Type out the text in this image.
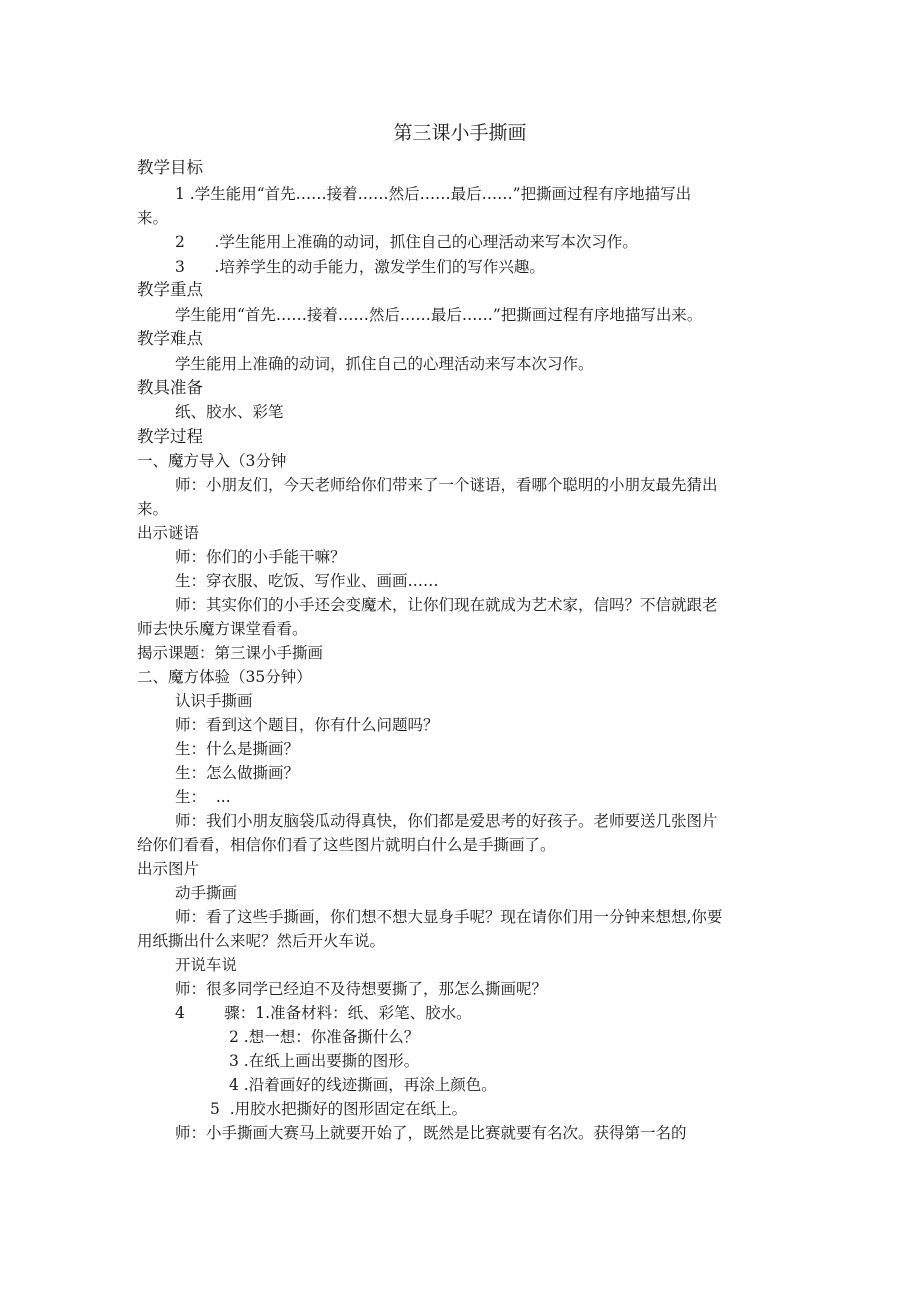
第三课小手撕画
教学目标
1 .学生能用“首先……接着……然后……最后……”把撕画过程有序地描写出
来。
2      .学生能用上准确的动词，抓住自己的心理活动来写本次习作。
3      .培养学生的动手能力，激发学生们的写作兴趣。
教学重点
学生能用“首先……接着……然后……最后……”把撕画过程有序地描写出来。
教学难点
学生能用上准确的动词，抓住自己的心理活动来写本次习作。
教具准备
纸、胶水、彩笔
教学过程
一、魔方导入（3分钟
师：小朋友们，今天老师给你们带来了一个谜语，看哪个聪明的小朋友最先猜出
来。
出示谜语
师：你们的小手能干嘛？
生：穿衣服、吃饭、写作业、画画……
师：其实你们的小手还会变魔术，让你们现在就成为艺术家，信吗？不信就跟老
师去快乐魔方课堂看看。
揭示课题：第三课小手撕画
二、魔方体验（35分钟）
认识手撕画
师：看到这个题目，你有什么问题吗？
生：什么是撕画？
生：怎么做撕画？
生：  ...
师：我们小朋友脑袋瓜动得真快，你们都是爱思考的好孩子。老师要送几张图片
给你们看看，相信你们看了这些图片就明白什么是手撕画了。
出示图片
动手撕画
师：看了这些手撕画，你们想不想大显身手呢？现在请你们用一分钟来想想,你要
用纸撕出什么来呢？然后开火车说。
开说车说
师：很多同学已经迫不及待想要撕了，那怎么撕画呢？
4        骤：1.准备材料：纸、彩笔、胶水。
2 .想一想：你准备撕什么？
3 .在纸上画出要撕的图形。
4 .沿着画好的线迹撕画，再涂上颜色。
5  .用胶水把撕好的图形固定在纸上。
师：小手撕画大赛马上就要开始了，既然是比赛就要有名次。获得第一名的
